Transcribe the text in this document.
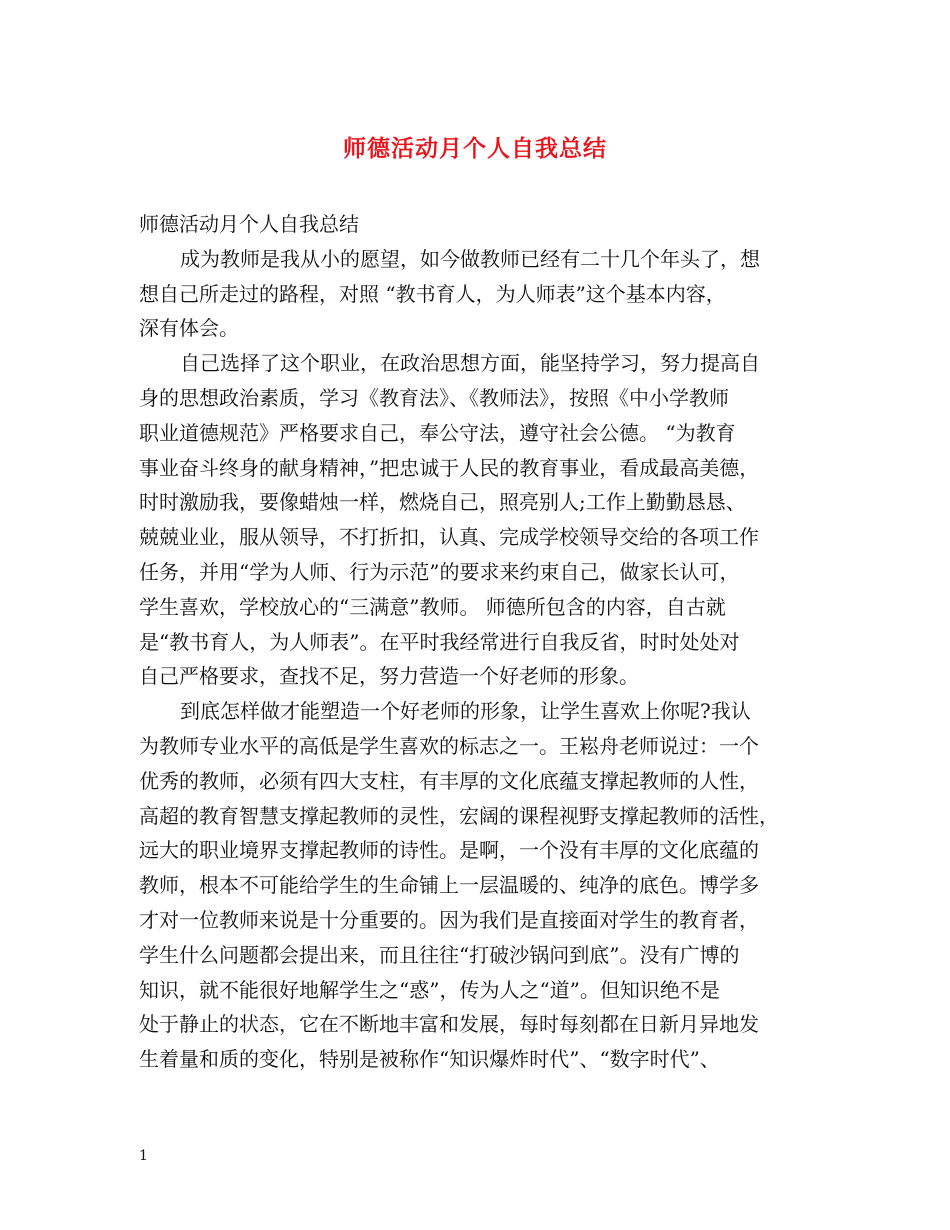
师德活动月个人自我总结
师德活动月个人自我总结
成为教师是我从小的愿望，如今做教师已经有二十几个年头了，想
想自己所走过的路程，对照 “教书育人，为人师表”这个基本内容，
深有体会。
自己选择了这个职业，在政治思想方面，能坚持学习，努力提高自
身的思想政治素质，学习《教育法》、《教师法》，按照《中小学教师
职业道德规范》严格要求自己，奉公守法，遵守社会公德。 “为教育
事业奋斗终身的献身精神，”把忠诚于人民的教育事业，看成最高美德，
时时激励我，要像蜡烛一样，燃烧自己，照亮别人;工作上勤勤恳恳、
兢兢业业，服从领导，不打折扣，认真、完成学校领导交给的各项工作
任务，并用“学为人师、行为示范”的要求来约束自己，做家长认可，
学生喜欢，学校放心的“三满意”教师。 师德所包含的内容，自古就
是“教书育人，为人师表”。在平时我经常进行自我反省，时时处处对
自己严格要求，查找不足，努力营造一个好老师的形象。
到底怎样做才能塑造一个好老师的形象，让学生喜欢上你呢?我认
为教师专业水平的高低是学生喜欢的标志之一。王崧舟老师说过：一个
优秀的教师，必须有四大支柱，有丰厚的文化底蕴支撑起教师的人性，
高超的教育智慧支撑起教师的灵性，宏阔的课程视野支撑起教师的活性，
远大的职业境界支撑起教师的诗性。是啊，一个没有丰厚的文化底蕴的
教师，根本不可能给学生的生命铺上一层温暖的、纯净的底色。博学多
才对一位教师来说是十分重要的。因为我们是直接面对学生的教育者，
学生什么问题都会提出来，而且往往“打破沙锅问到底”。没有广博的
知识，就不能很好地解学生之“惑”，传为人之“道”。但知识绝不是
处于静止的状态，它在不断地丰富和发展，每时每刻都在日新月异地发
生着量和质的变化，特别是被称作“知识爆炸时代”、“数字时代”、
1
